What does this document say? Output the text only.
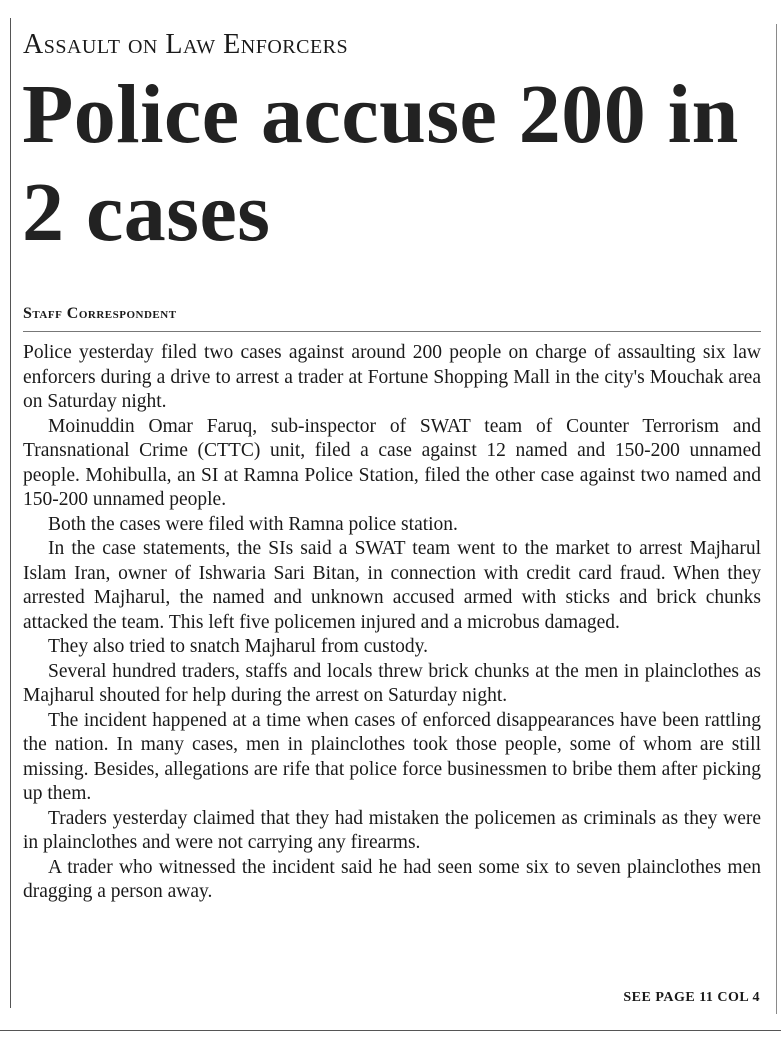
Assault on Law Enforcers
Police accuse 200 in 2 cases
Staff Correspondent

Police yesterday filed two cases against around 200 people on charge of assaulting six law enforcers during a drive to arrest a trader at Fortune Shopping Mall in the city's Mouchak area on Saturday night.

Moinuddin Omar Faruq, sub-inspector of SWAT team of Counter Terrorism and Transnational Crime (CTTC) unit, filed a case against 12 named and 150-200 unnamed people. Mohibulla, an SI at Ramna Police Station, filed the other case against two named and 150-200 unnamed people.

Both the cases were filed with Ramna police station.

In the case statements, the SIs said a SWAT team went to the market to arrest Majharul Islam Iran, owner of Ishwaria Sari Bitan, in connection with credit card fraud. When they arrested Majharul, the named and unknown accused armed with sticks and brick chunks attacked the team. This left five policemen injured and a microbus damaged.

They also tried to snatch Majharul from custody.

Several hundred traders, staffs and locals threw brick chunks at the men in plainclothes as Majharul shouted for help during the arrest on Saturday night.

The incident happened at a time when cases of enforced disappearances have been rattling the nation. In many cases, men in plainclothes took those people, some of whom are still missing. Besides, allegations are rife that police force businessmen to bribe them after picking up them.

Traders yesterday claimed that they had mistaken the policemen as criminals as they were in plainclothes and were not carrying any firearms.

A trader who witnessed the incident said he had seen some six to seven plainclothes men dragging a person away.

SEE PAGE 11 COL 4
